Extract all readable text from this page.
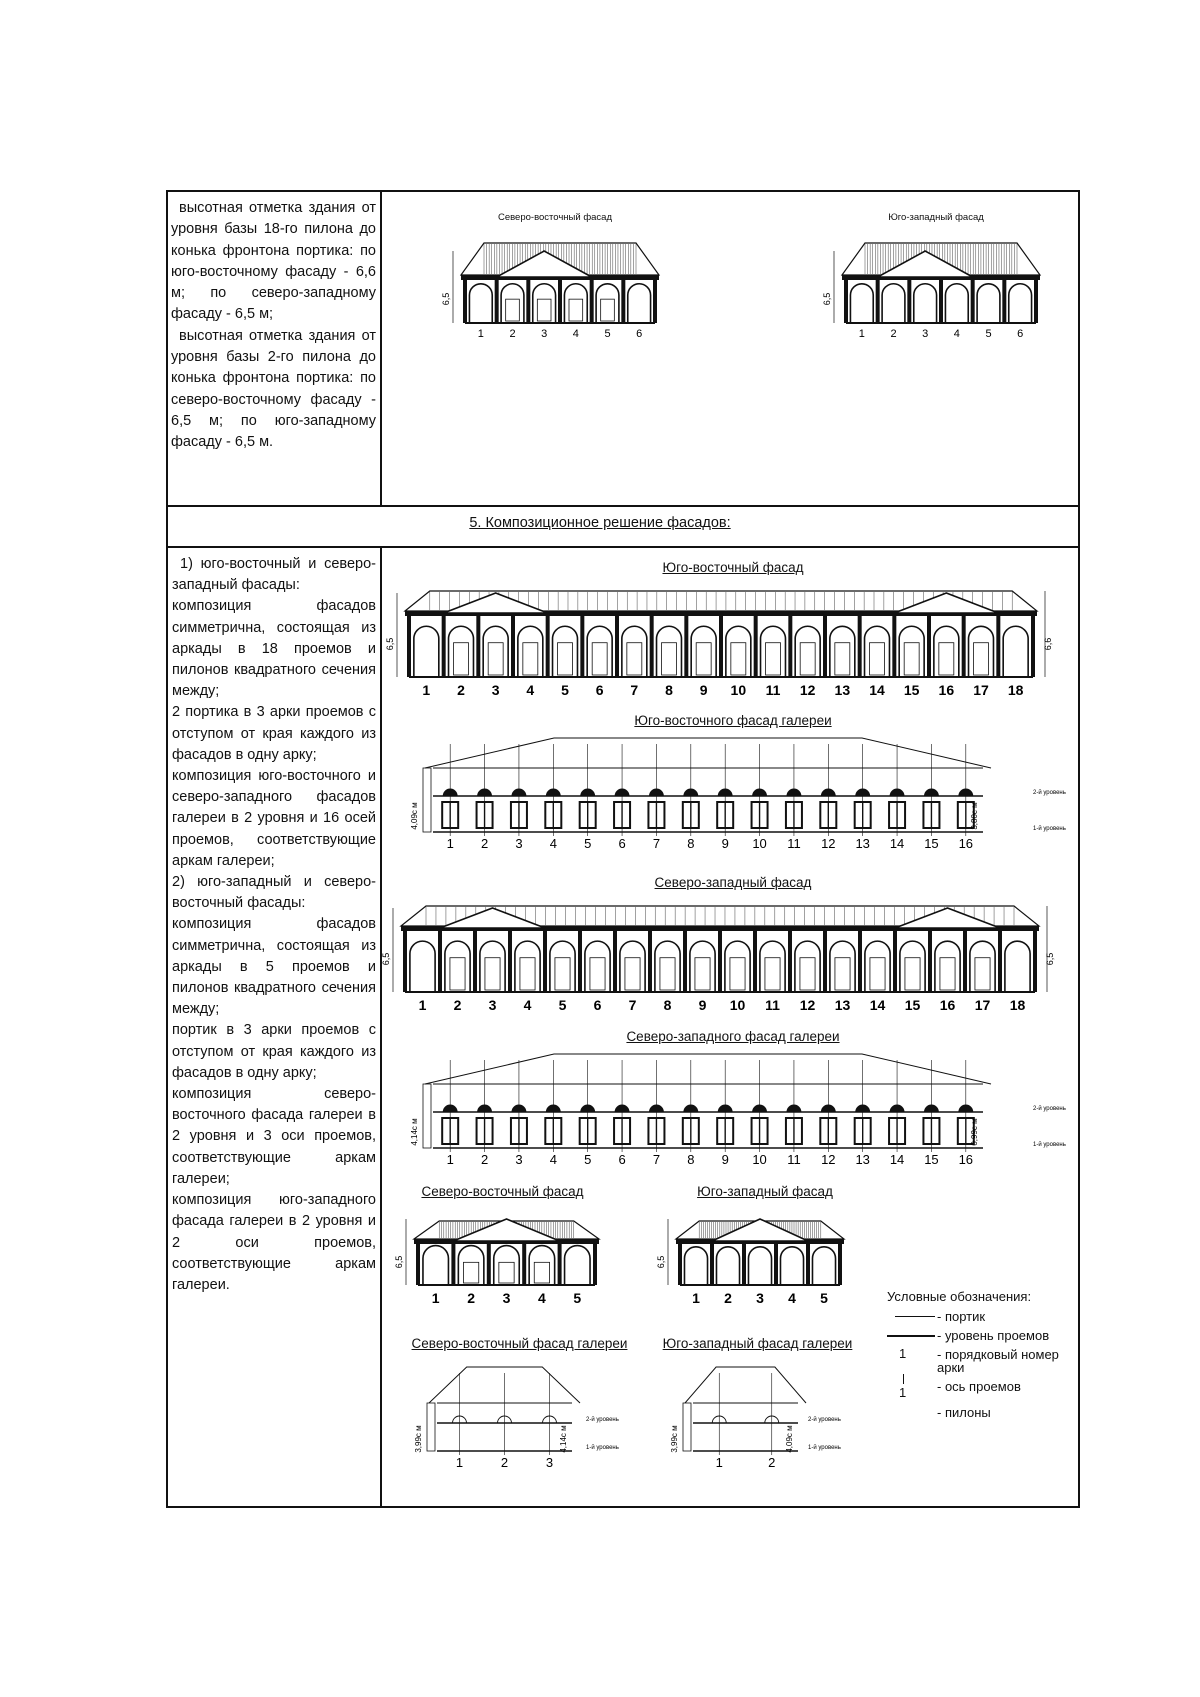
высотная отметка здания от уровня базы 18-го пилона до конька фронтона портика: по юго-восточному фасаду - 6,6 м; по северо-западному фасаду - 6,5 м;

высотная отметка здания от уровня базы 2-го пилона до конька фронтона портика: по северо-восточному фасаду - 6,5 м; по юго-западному фасаду - 6,5 м.

Северо-восточный фасад
1 2 3 4 5 6
6,5
Юго-западный фасад
1 2 3 4 5 6
6,5
5. Композиционное решение фасадов:

1) юго-восточный и северо-западный фасады:

композиция фасадов симметрична, состоящая из аркады в 18 проемов и пилонов квадратного сечения между;

2 портика в 3 арки проемов с отступом от края каждого из фасадов в одну арку;

композиция юго-восточного и северо-западного фасадов галереи в 2 уровня и 16 осей проемов, соответствующие аркам галереи;

2) юго-западный и северо-восточный фасады:

композиция фасадов симметрична, состоящая из аркады в 5 проемов и пилонов квадратного сечения между;

портик в 3 арки проемов с отступом от края каждого из фасадов в одну арку;

композиция северо-восточного фасада галереи в 2 уровня и 3 оси проемов, соответствующие аркам галереи;

композиция юго-западного фасада галереи в 2 уровня и 2 оси проемов, соответствующие аркам галереи.

Юго-восточный фасад
1 2 3 4 5 6 7 8 9 10 11 12 13 14 15 16 17 18
6,5	6,6
Юго-восточного фасад галереи
1 2 3 4 5 6 7 8 9 10 11 12 13 14 15 16
4,09с м	3,80с м
2-й уровень
1-й уровень
Северо-западный фасад
1 2 3 4 5 6 7 8 9 10 11 12 13 14 15 16 17 18
6,5	6,5
Северо-западного фасад галереи
1 2 3 4 5 6 7 8 9 10 11 12 13 14 15 16
4,14с м	0,99с м
2-й уровень
1-й уровень
Северо-восточный фасад
1 2 3 4 5
6,5
Юго-западный фасад
1 2 3 4 5
6,5
Северо-восточный фасад галереи
1	2	3
3,99с м	4,14с м
2-й уровень
1-й уровень
Юго-западный фасад галереи
1	2
3,99с м	4,09с м
2-й уровень
1-й уровень
Условные обозначения:
- портик
- уровень проемов
1 - порядковый номер арки
1 - ось проемов
- пилоны
